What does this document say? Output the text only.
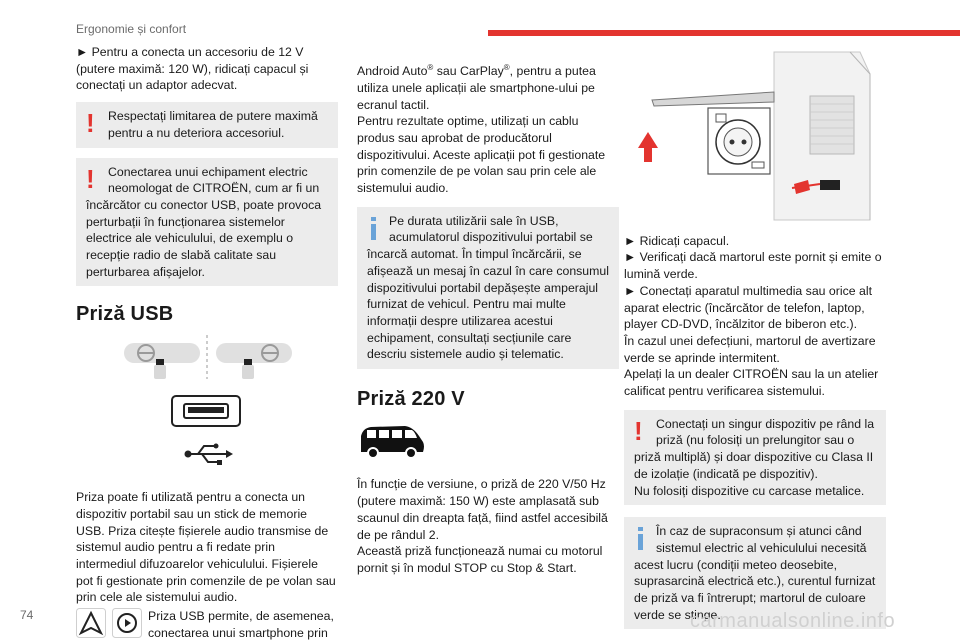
Ergonomie și confort

► Pentru a conecta un accesoriu de 12 V (putere maximă: 120 W), ridicați capacul și conectați un adaptor adecvat.

!	Respectați limitarea de putere maximă pentru a nu deteriora accesoriul.

!	Conectarea unui echipament electric neomologat de CITROËN, cum ar fi un

încărcător cu conector USB, poate provoca perturbații în funcționarea sistemelor electrice ale vehiculului, de exemplu o recepție radio de slabă calitate sau perturbarea afișajelor.

Priză USB

Priza poate fi utilizată pentru a conecta un dispozitiv portabil sau un stick de memorie USB. Priza citește fișierele audio transmise de sistemul audio pentru a fi redate prin intermediul difuzoarelor vehiculului. Fișierele pot fi gestionate prin comenzile de pe volan sau prin cele ale sistemului audio.

Priza USB permite, de asemenea, conectarea unui smartphone prin

Android Auto® sau CarPlay®, pentru a putea utiliza unele aplicații ale smartphone-ului pe ecranul tactil.

Pentru rezultate optime, utilizați un cablu produs sau aprobat de producătorul dispozitivului. Aceste aplicații pot fi gestionate prin comenzile de pe volan sau prin cele ale sistemului audio.

Pe durata utilizării sale în USB, acumulatorul dispozitivului portabil se

încarcă automat. În timpul încărcării, se afișează un mesaj în cazul în care consumul dispozitivului portabil depășește amperajul furnizat de vehicul. Pentru mai multe informații despre utilizarea acestui echipament, consultați secțiunile care descriu sistemele audio și telematic.

Priză 220 V

În funcție de versiune, o priză de 220 V/50 Hz (putere maximă: 150 W) este amplasată sub scaunul din dreapta față, fiind astfel accesibilă de pe rândul 2.

Această priză funcționează numai cu motorul pornit și în modul STOP cu Stop & Start.

► Ridicați capacul.

► Verificați dacă martorul este pornit și emite o lumină verde.

► Conectați aparatul multimedia sau orice alt aparat electric (încărcător de telefon, laptop, player CD-DVD, încălzitor de biberon etc.).

În cazul unei defecțiuni, martorul de avertizare verde se aprinde intermitent.

Apelați la un dealer CITROËN sau la un atelier calificat pentru verificarea sistemului.

!	Conectați un singur dispozitiv pe rând la priză (nu folosiți un prelungitor sau o

priză multiplă) și doar dispozitive cu Clasa II de izolație (indicată pe dispozitiv).

Nu folosiți dispozitive cu carcase metalice.

În caz de supraconsum și atunci când sistemul electric al vehiculului necesită

acest lucru (condiții meteo deosebite, suprasarcină electrică etc.), curentul furnizat de priză va fi întrerupt; martorul de culoare verde se stinge.

74	carmanualsonline.info
